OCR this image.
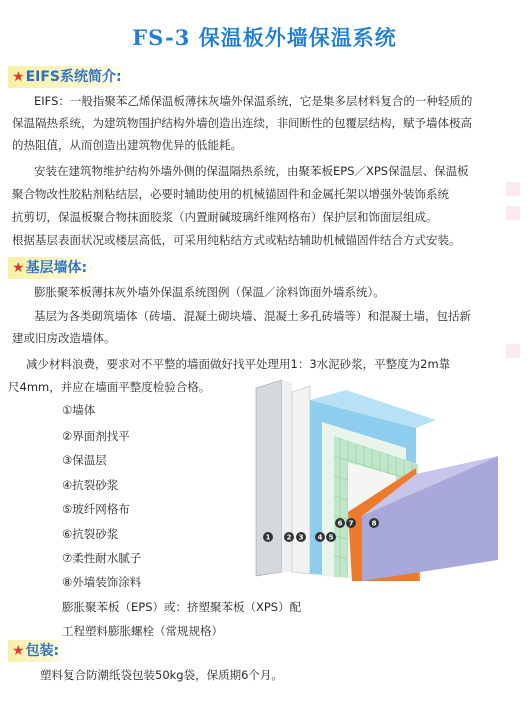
FS-3 保温板外墙保温系统
★EIFS系统简介:
EIFS：一般指聚苯乙烯保温板薄抹灰墙外保温系统，它是集多层材料复合的一种轻质的
保温隔热系统，为建筑物围护结构外墙创造出连续，非间断性的包覆层结构，赋予墙体极高
的热阻值，从而创造出建筑物优异的低能耗。
安装在建筑物维护结构外墙外侧的保温隔热系统，由聚苯板EPS／XPS保温层、保温板
聚合物改性胶粘剂粘结层，必要时辅助使用的机械锚固件和金属托架以增强外装饰系统
抗剪切，保温板聚合物抹面胶浆（内置耐碱玻璃纤维网格布）保护层和饰面层组成。
根据基层表面状况或楼层高低，可采用纯粘结方式或粘结辅助机械锚固件结合方式安装。
★基层墙体:
膨胀聚苯板薄抹灰外墙外保温系统图例（保温／涂料饰面外墙系统）。
基层为各类砌筑墙体（砖墙、混凝土砌块墙、混凝土多孔砖墙等）和混凝土墙，包括新
建或旧房改造墙体。
减少材料浪费，要求对不平整的墙面做好找平处理用1：3水泥砂浆，平整度为2m靠
尺4mm，并应在墙面平整度检验合格。
①墙体
②界面剂找平
③保温层
④抗裂砂浆
⑤玻纤网格布
⑥抗裂砂浆
⑦柔性耐水腻子
⑧外墙装饰涂料
膨胀聚苯板（EPS）或：挤塑聚苯板（XPS）配
工程塑料膨胀螺栓（常规规格）
1 2 3 4 5
6 7	8
★包装:
塑料复合防潮纸袋包装50kg袋，保质期6个月。
